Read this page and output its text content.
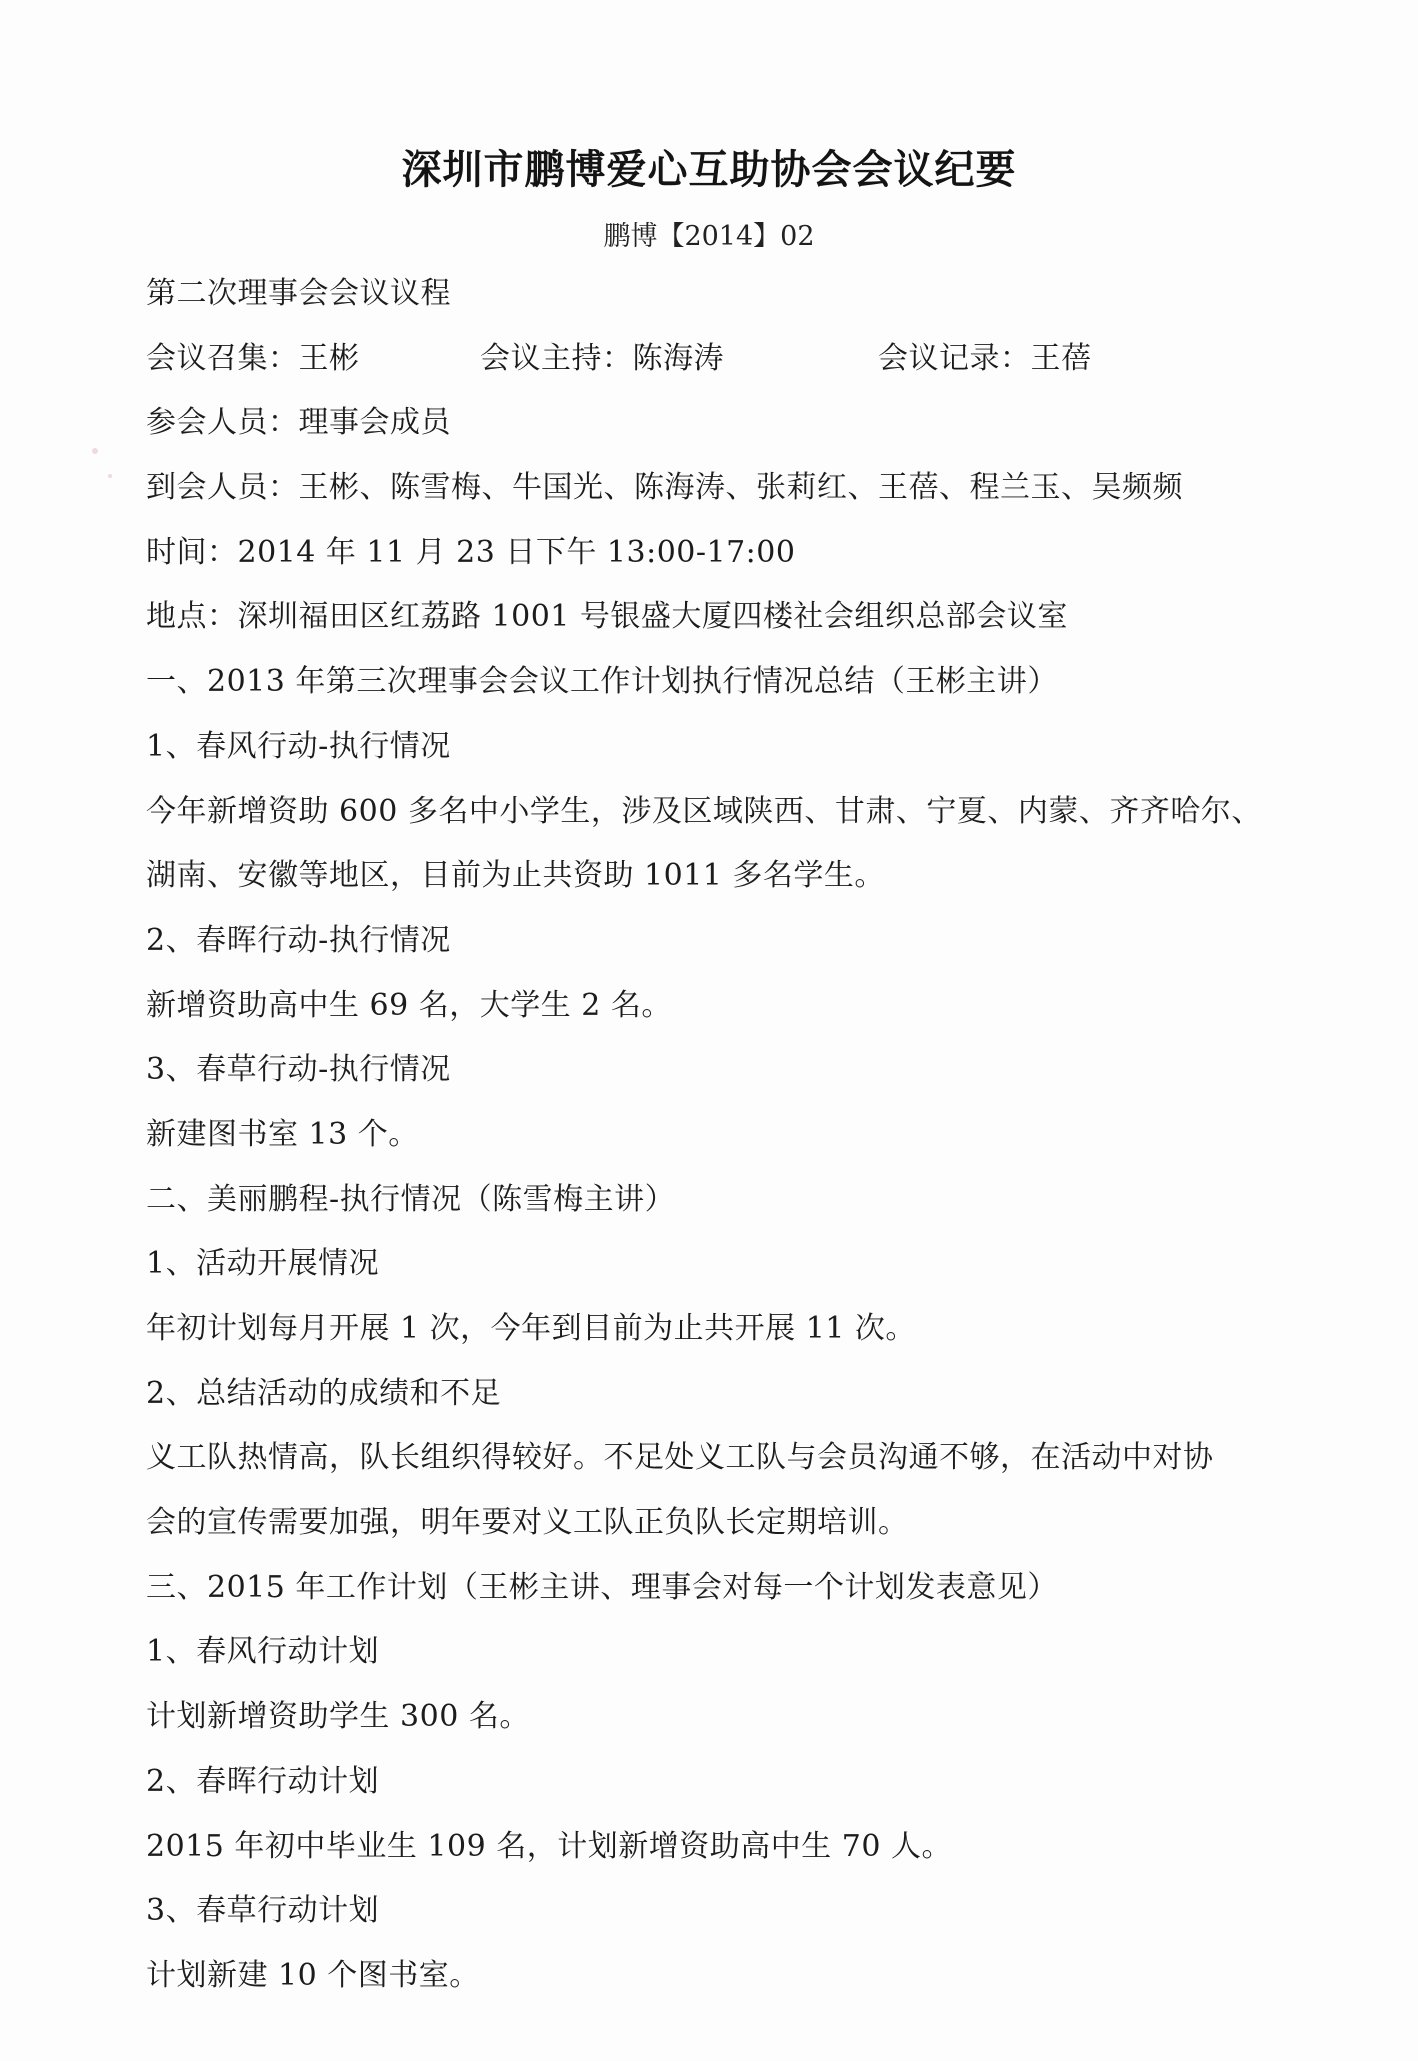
深圳市鹏博爱心互助协会会议纪要
鹏博【2014】02
第二次理事会会议议程
会议召集：王彬	会议主持：陈海涛	会议记录：王蓓
参会人员：理事会成员
到会人员：王彬、陈雪梅、牛国光、陈海涛、张莉红、王蓓、程兰玉、吴频频
时间：2014 年 11 月 23 日下午 13:00-17:00
地点：深圳福田区红荔路 1001 号银盛大厦四楼社会组织总部会议室
一、2013 年第三次理事会会议工作计划执行情况总结（王彬主讲）
1、春风行动-执行情况
今年新增资助 600 多名中小学生，涉及区域陕西、甘肃、宁夏、内蒙、齐齐哈尔、
湖南、安徽等地区，目前为止共资助 1011 多名学生。
2、春晖行动-执行情况
新增资助高中生 69 名，大学生 2 名。
3、春草行动-执行情况
新建图书室 13 个。
二、美丽鹏程-执行情况（陈雪梅主讲）
1、活动开展情况
年初计划每月开展 1 次，今年到目前为止共开展 11 次。
2、总结活动的成绩和不足
义工队热情高，队长组织得较好。不足处义工队与会员沟通不够，在活动中对协
会的宣传需要加强，明年要对义工队正负队长定期培训。
三、2015 年工作计划（王彬主讲、理事会对每一个计划发表意见）
1、春风行动计划
计划新增资助学生 300 名。
2、春晖行动计划
2015 年初中毕业生 109 名，计划新增资助高中生 70 人。
3、春草行动计划
计划新建 10 个图书室。
